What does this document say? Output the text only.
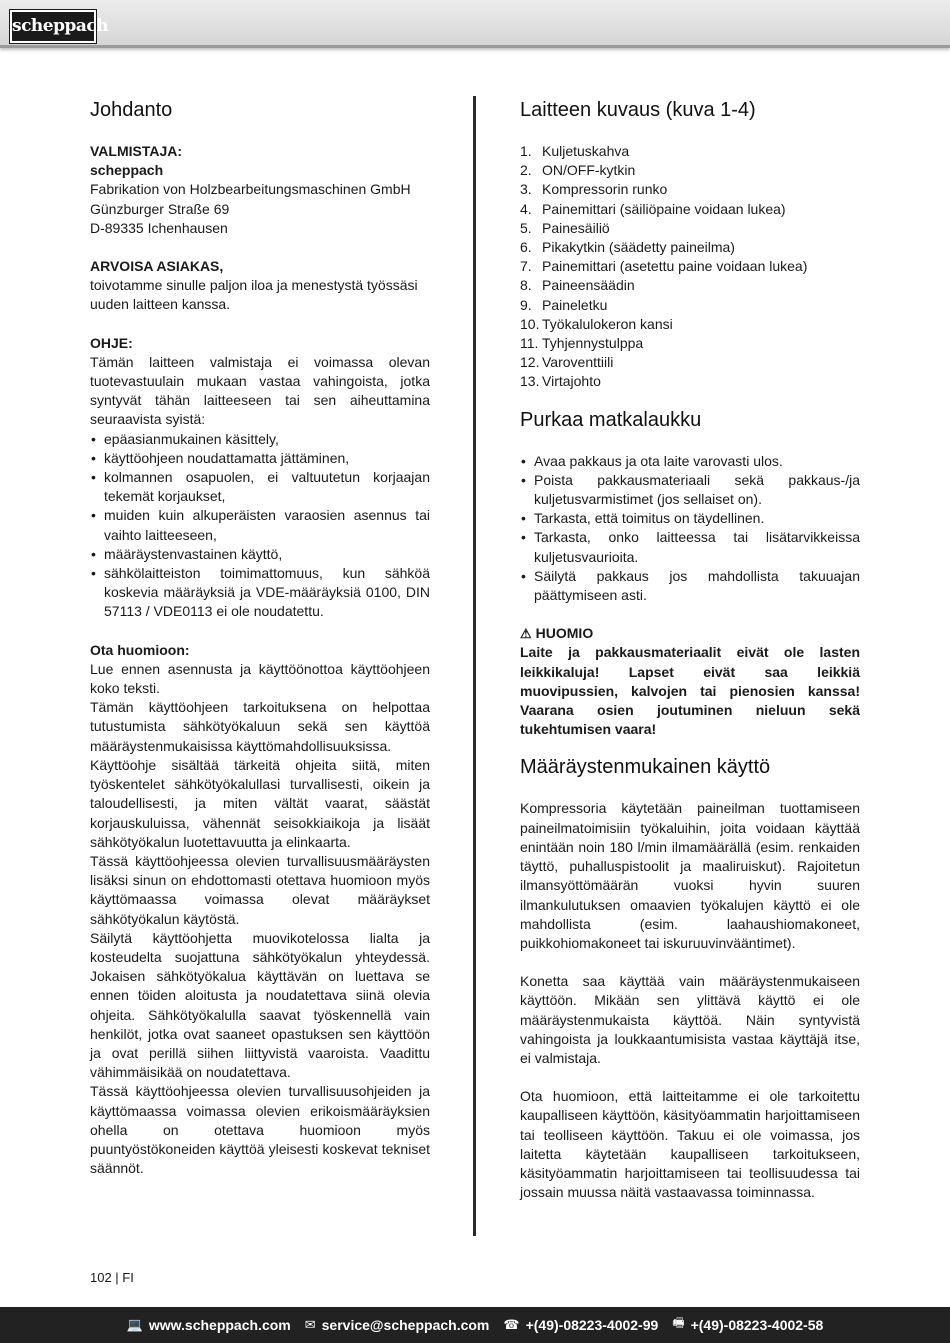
scheppach
Johdanto

VALMISTAJA:

scheppach

Fabrikation von Holzbearbeitungsmaschinen GmbH

Günzburger Straße 69

D-89335 Ichenhausen

ARVOISA ASIAKAS,

toivotamme sinulle paljon iloa ja menestystä työssäsi uuden laitteen kanssa.

OHJE:

Tämän laitteen valmistaja ei voimassa olevan tuotevastuulain mukaan vastaa vahingoista, jotka syntyvät tähän laitteeseen tai sen aiheuttamina seuraavista syistä:

• epäasianmukainen käsittely,
• käyttöohjeen noudattamatta jättäminen,
• kolmannen osapuolen, ei valtuutetun korjaajan tekemät korjaukset,
• muiden kuin alkuperäisten varaosien asennus tai vaihto laitteeseen,
• määräystenvastainen käyttö,
• sähkölaitteiston toimimattomuus, kun sähköä koskevia määräyksiä ja VDE-määräyksiä 0100, DIN 57113 / VDE0113 ei ole noudatettu.

Ota huomioon:

Lue ennen asennusta ja käyttöönottoa käyttöohjeen koko teksti.

Tämän käyttöohjeen tarkoituksena on helpottaa tutustumista sähkötyökaluun sekä sen käyttöä määräystenmukaisissa käyttömahdollisuuksissa.

Käyttöohje sisältää tärkeitä ohjeita siitä, miten työskentelet sähkötyökalullasi turvallisesti, oikein ja taloudellisesti, ja miten vältät vaarat, säästät korjauskuluissa, vähennät seisokkiaikoja ja lisäät sähkötyökalun luotettavuutta ja elinkaarta.

Tässä käyttöohjeessa olevien turvallisuusmääräysten lisäksi sinun on ehdottomasti otettava huomioon myös käyttömaassa voimassa olevat määräykset sähkötyökalun käytöstä.

Säilytä käyttöohjetta muovikotelossa lialta ja kosteudelta suojattuna sähkötyökalun yhteydessä. Jokaisen sähkötyökalua käyttävän on luettava se ennen töiden aloitusta ja noudatettava siinä olevia ohjeita. Sähkötyökalulla saavat työskennellä vain henkilöt, jotka ovat saaneet opastuksen sen käyttöön ja ovat perillä siihen liittyvistä vaaroista. Vaadittu vähimmäisikää on noudatettava.

Tässä käyttöohjeessa olevien turvallisuusohjeiden ja käyttömaassa voimassa olevien erikoismääräyksien ohella on otettava huomioon myös puuntyöstökoneiden käyttöä yleisesti koskevat tekniset säännöt.

Laitteen kuvaus (kuva 1-4)
1. Kuljetuskahva
2. ON/OFF-kytkin
3. Kompressorin runko
4. Painemittari (säiliöpaine voidaan lukea)
5. Painesäiliö
6. Pikakytkin (säädetty paineilma)
7. Painemittari (asetettu paine voidaan lukea)
8. Paineensäädin
9. Paineletku
10. Työkalulokeron kansi
11. Tyhjennystulppa
12. Varoventtiili
13. Virtajohto
Purkaa matkalaukku
• Avaa pakkaus ja ota laite varovasti ulos.
• Poista pakkausmateriaali sekä pakkaus-/ja kuljetusvarmistimet (jos sellaiset on).
• Tarkasta, että toimitus on täydellinen.
• Tarkasta, onko laitteessa tai lisätarvikkeissa kuljetusvaurioita.
• Säilytä pakkaus jos mahdollista takuuajan päättymiseen asti.

⚠ HUOMIO

Laite ja pakkausmateriaalit eivät ole lasten leikkikaluja! Lapset eivät saa leikkiä muovipussien, kalvojen tai pienosien kanssa! Vaarana osien joutuminen nieluun sekä tukehtumisen vaara!

Määräystenmukainen käyttö

Kompressoria käytetään paineilman tuottamiseen paineilmatoimisiin työkaluihin, joita voidaan käyttää enintään noin 180 l/min ilmamäärällä (esim. renkaiden täyttö, puhalluspistoolit ja maaliruiskut). Rajoitetun ilmansyöttömäärän vuoksi hyvin suuren ilmankulutuksen omaavien työkalujen käyttö ei ole mahdollista (esim. laahaushiomakoneet, puikkohiomakoneet tai iskuruuvinvääntimet).

Konetta saa käyttää vain määräystenmukaiseen käyttöön. Mikään sen ylittävä käyttö ei ole määräystenmukaista käyttöä. Näin syntyvistä vahingoista ja loukkaantumisista vastaa käyttäjä itse, ei valmistaja.

Ota huomioon, että laitteitamme ei ole tarkoitettu kaupalliseen käyttöön, käsityöammatin harjoittamiseen tai teolliseen käyttöön. Takuu ei ole voimassa, jos laitetta käytetään kaupalliseen tarkoitukseen, käsityöammatin harjoittamiseen tai teollisuudessa tai jossain muussa näitä vastaavassa toiminnassa.

102 | FI
💻 www.scheppach.com ✉ service@scheppach.com ☎ +(49)-08223-4002-99 🖷 +(49)-08223-4002-58
